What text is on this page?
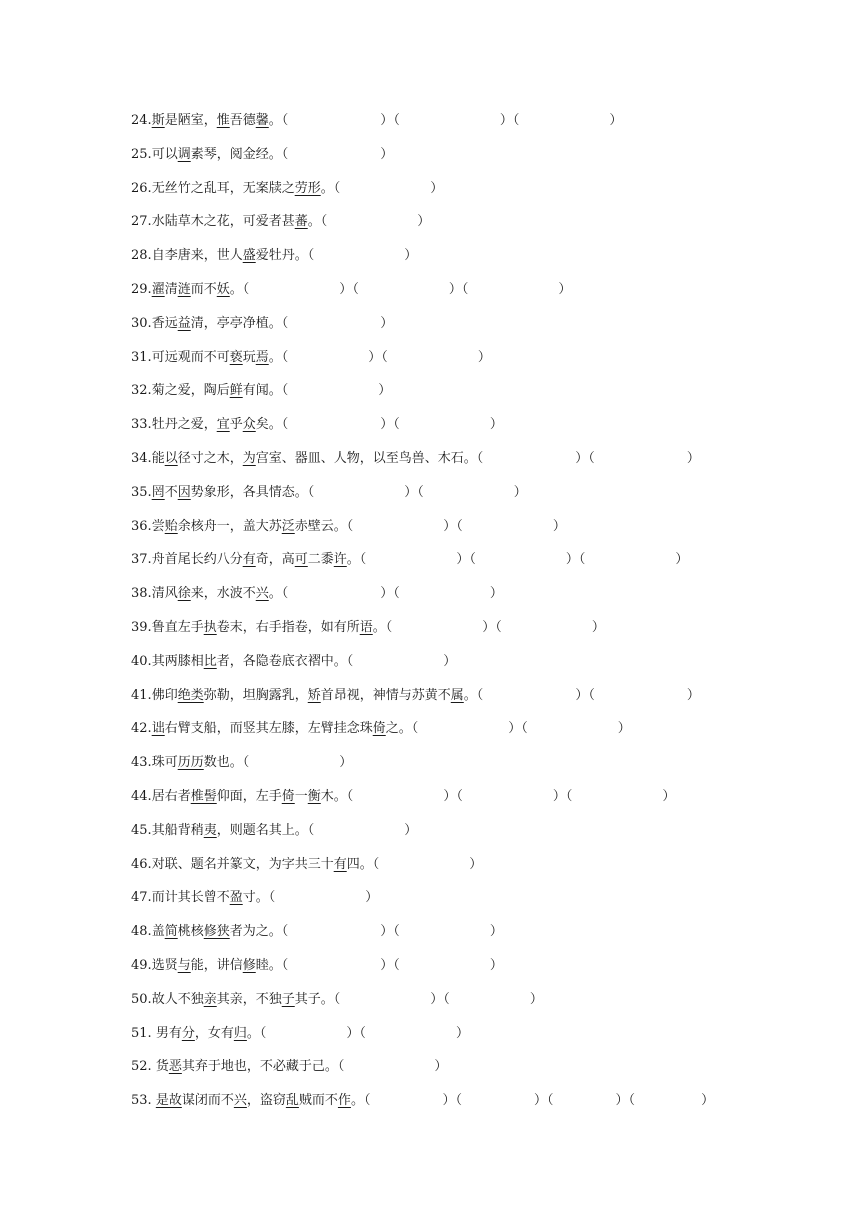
24.斯是陋室，惟吾德馨。（	）（	）（	）
25.可以调素琴，阅金经。（	）
26.无丝竹之乱耳，无案牍之劳形。（	）
27.水陆草木之花，可爱者甚蕃。（	）
28.自李唐来，世人盛爱牡丹。（	）
29.濯清涟而不妖。（	）（	）（	）
30.香远益清，亭亭净植。（	）
31.可远观而不可亵玩焉。（	）（	）
32.菊之爱，陶后鲜有闻。（	）
33.牡丹之爱，宜乎众矣。（	）（	）
34.能以径寸之木，为宫室、器皿、人物，以至鸟兽、木石。（	）（	）
35.罔不因势象形，各具情态。（	）（	）
36.尝贻余核舟一，盖大苏泛赤壁云。（	）（	）
37.舟首尾长约八分有奇，高可二黍许。（	）（	）（	）
38.清风徐来，水波不兴。（	）（	）
39.鲁直左手执卷末，右手指卷，如有所语。（	）（	）
40.其两膝相比者，各隐卷底衣褶中。（	）
41.佛印绝类弥勒，坦胸露乳，矫首昂视，神情与苏黄不属。（	）（	）
42.诎右臂支船，而竖其左膝，左臂挂念珠倚之。（	）（	）
43.珠可历历数也。（	）
44.居右者椎髻仰面，左手倚一衡木。（	）（	）（	）
45.其船背稍夷，则题名其上。（	）
46.对联、题名并篆文，为字共三十有四。（	）
47.而计其长曾不盈寸。（	）
48.盖简桃核修狭者为之。（	）（	）
49.选贤与能，讲信修睦。（	）（	）
50.故人不独亲其亲，不独子其子。（	）（	）
51. 男有分，女有归。（	）（	）
52. 货恶其弃于地也，不必藏于己。（	）
53. 是故谋闭而不兴，盗窃乱贼而不作。（	）（	）（	）（	）
